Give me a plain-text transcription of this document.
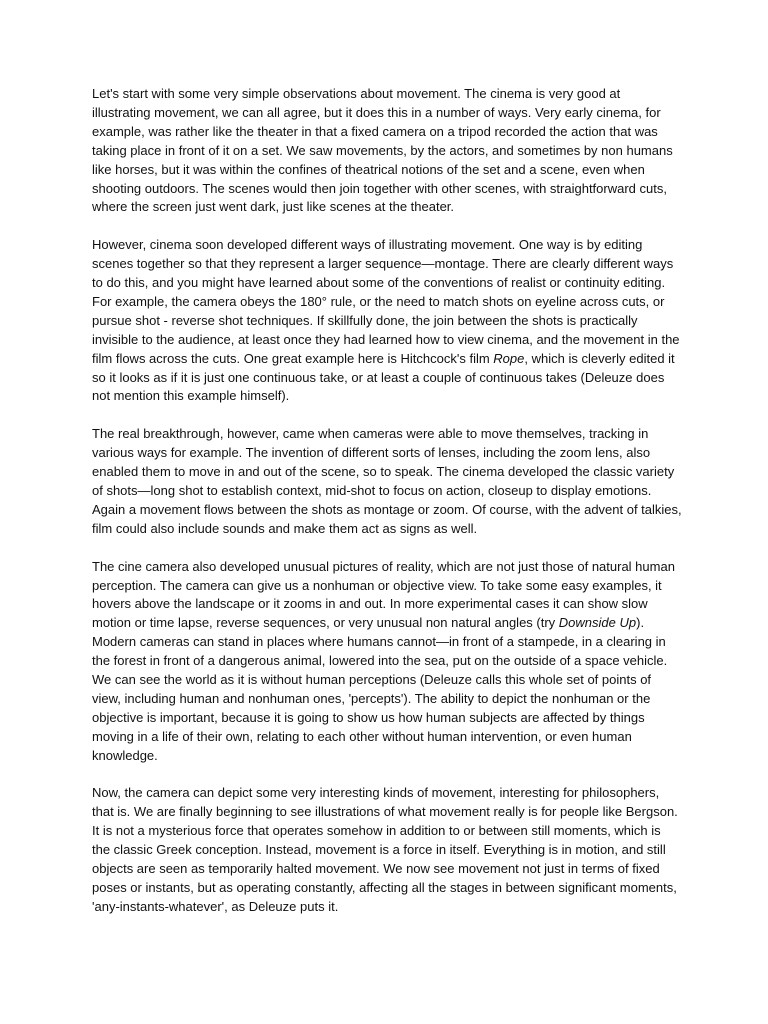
Let's start with some very simple observations about movement. The cinema is very good at illustrating movement, we can all agree, but it does this in a number of ways. Very early cinema, for example, was rather like the theater in that a fixed camera on a tripod recorded the action that was taking place in front of it on a set. We saw movements, by the actors, and sometimes by non humans like horses, but it was within the confines of theatrical notions of the set and a scene, even when shooting outdoors. The scenes would then join together with other scenes, with straightforward cuts, where the screen just went dark, just like scenes at the theater.

However, cinema soon developed different ways of illustrating movement. One way is by editing scenes together so that they represent a larger sequence—montage. There are clearly different ways to do this, and you might have learned about some of the conventions of realist or continuity editing. For example, the camera obeys the 180° rule, or the need to match shots on eyeline across cuts, or pursue shot - reverse shot techniques. If skillfully done, the join between the shots is practically invisible to the audience, at least once they had learned how to view cinema, and the movement in the film flows across the cuts. One great example here is Hitchcock's film Rope, which is cleverly edited it so it looks as if it is just one continuous take, or at least a couple of continuous takes (Deleuze does not mention this example himself).

The real breakthrough, however, came when cameras were able to move themselves, tracking in various ways for example. The invention of different sorts of lenses, including the zoom lens, also enabled them to move in and out of the scene, so to speak. The cinema developed the classic variety of shots—long shot to establish context, mid-shot to focus on action, closeup to display emotions. Again a movement flows between the shots as montage or zoom. Of course, with the advent of talkies, film could also include sounds and make them act as signs as well.

The cine camera also developed unusual pictures of reality, which are not just those of natural human perception. The camera can give us a nonhuman or objective view. To take some easy examples, it hovers above the landscape or it zooms in and out. In more experimental cases it can show slow motion or time lapse, reverse sequences, or very unusual non natural angles (try Downside Up). Modern cameras can stand in places where humans cannot—in front of a stampede, in a clearing in the forest in front of a dangerous animal, lowered into the sea, put on the outside of a space vehicle. We can see the world as it is without human perceptions (Deleuze calls this whole set of points of view, including human and nonhuman ones, 'percepts'). The ability to depict the nonhuman or the objective is important, because it is going to show us how human subjects are affected by things moving in a life of their own, relating to each other without human intervention, or even human knowledge.

Now, the camera can depict some very interesting kinds of movement, interesting for philosophers, that is. We are finally beginning to see illustrations of what movement really is for people like Bergson. It is not a mysterious force that operates somehow in addition to or between still moments, which is the classic Greek conception. Instead, movement is a force in itself. Everything is in motion, and still objects are seen as temporarily halted movement. We now see movement not just in terms of fixed poses or instants, but as operating constantly, affecting all the stages in between significant moments, 'any-instants-whatever', as Deleuze puts it.
